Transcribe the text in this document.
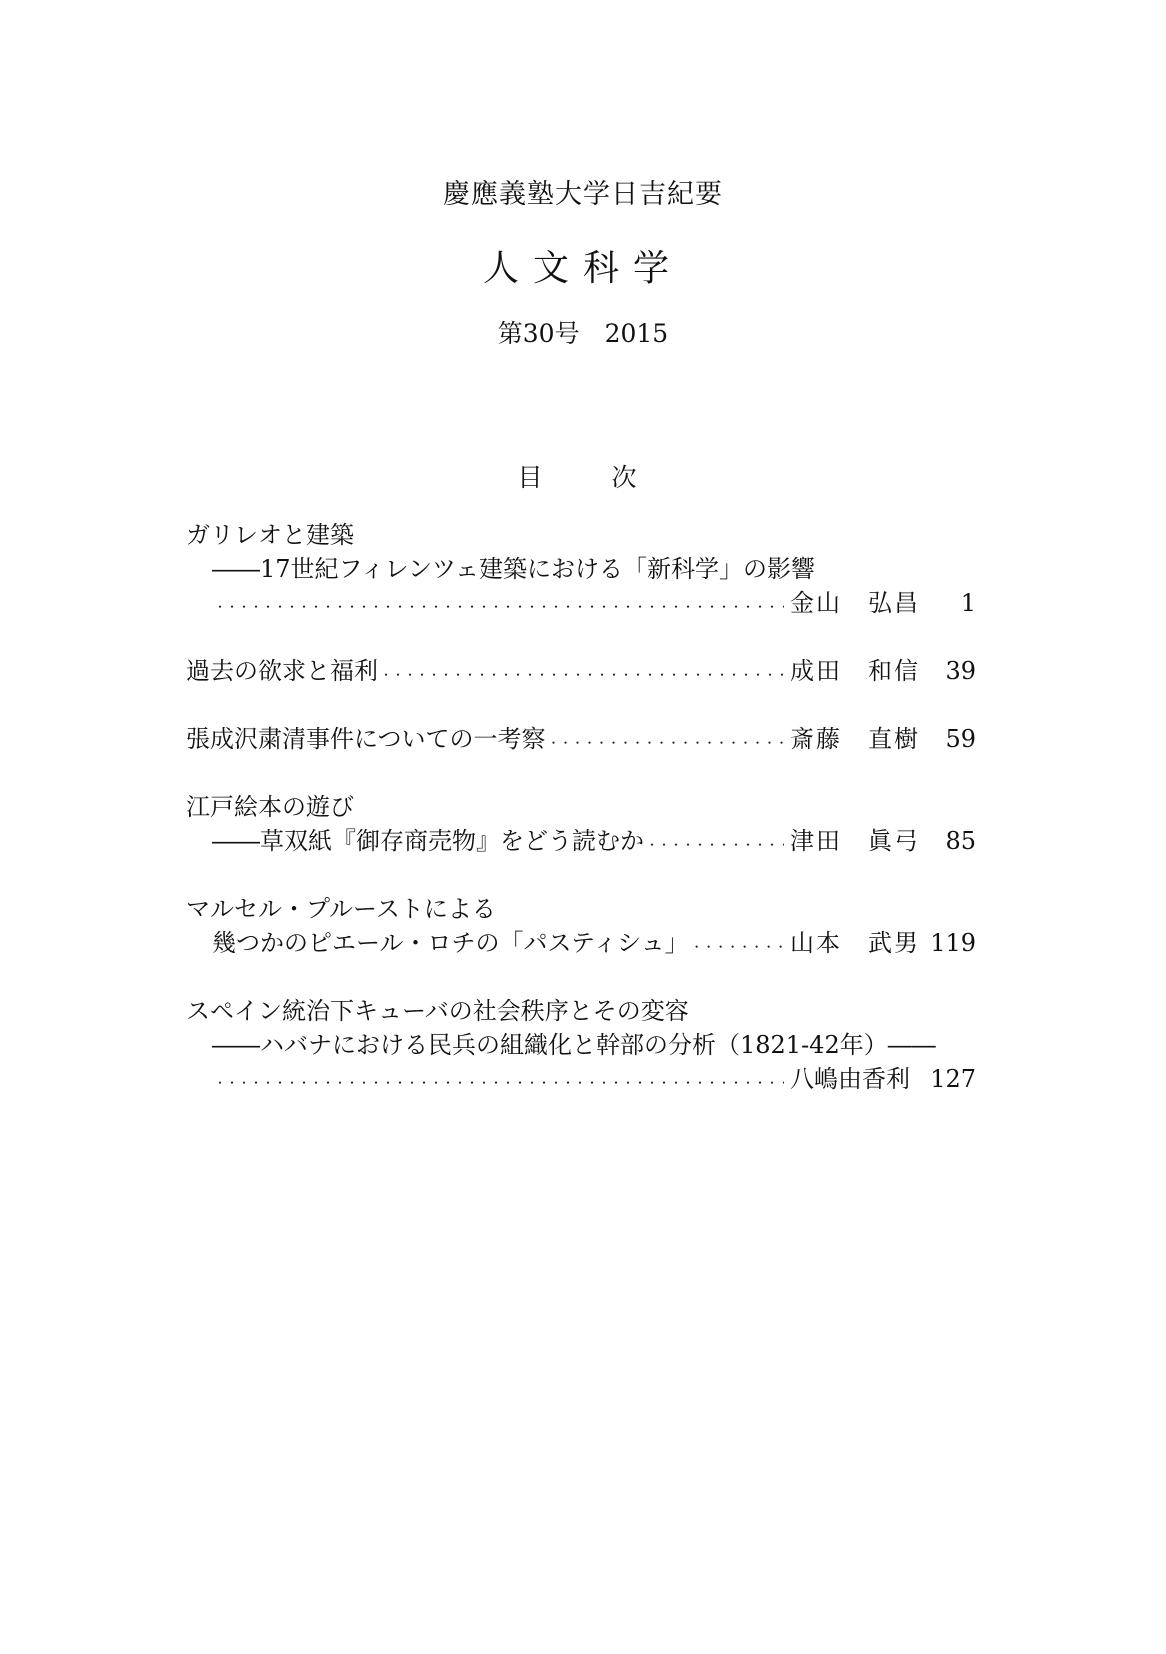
慶應義塾大学日吉紀要
人文科学
第30号　2015
目　次
ガリレオと建築
――17世紀フィレンツェ建築における「新科学」の影響
・・・・・・・・・・・・・・・・・・・・・・・・・・・・・・・・・・・・・・・・・・・・・・・・・・・・・・・・・・・・・・・・・・・・・・・・・・・・・・・・・・・・・・・・・・・・・・・・・・・・・・・・・・・・・・
金山　弘昌	1
過去の欲求と福利 ・・・・・・・・・・・・・・・・・・・・・・・・・・・・・・・・・・・・・・・・・・・・・・・・・・・・・・・・・・・・・・・・・・・・・・・・・・・・・・・・・・・・・・・・・・・・・・・・・・・・・・・・・・・・・・	成田　和信	39
張成沢粛清事件についての一考察 ・・・・・・・・・・・・・・・・・・・・・・・・・・・・・・・・・・・・・・・・・・・・・・・・・・・・・・・・・・・・・・・・・・・・・・・・・・・・・・・・・・・・・・・・・・・・・・・・・・・・・・・・・・・・・・	斎藤　直樹	59
江戸絵本の遊び
――草双紙『御存商売物』をどう読むか ・・・・・・・・・・・・・・・・・・・・・・・・・・・・・・・・・・・・・・・・・・・・・・・・・・・・・・・・・・・・・・・・・・・・・・・・・・・・・・・・・・・・・・・・・・・・・・・・・・・・・・・・・・・・・・	津田　眞弓	85
マルセル・プルーストによる
幾つかのピエール・ロチの「パスティシュ」 ・・・・・・・・・・・・・・・・・・・・・・・・・・・・・・・・・・・・・・・・・・・・・・・・・・・・・・・・・・・・・・・・・・・・・・・・・・・・・・・・・・・・・・・・・・・・・・・・・・・・・・・・・・・・・・	山本　武男 119
スペイン統治下キューバの社会秩序とその変容
――ハバナにおける民兵の組織化と幹部の分析（1821-42年）――
・・・・・・・・・・・・・・・・・・・・・・・・・・・・・・・・・・・・・・・・・・・・・・・・・・・・・・・・・・・・・・・・・・・・・・・・・・・・・・・・・・・・・・・・・・・・・・・・・・・・・・・・・・・・・・
八嶋由香利 127
